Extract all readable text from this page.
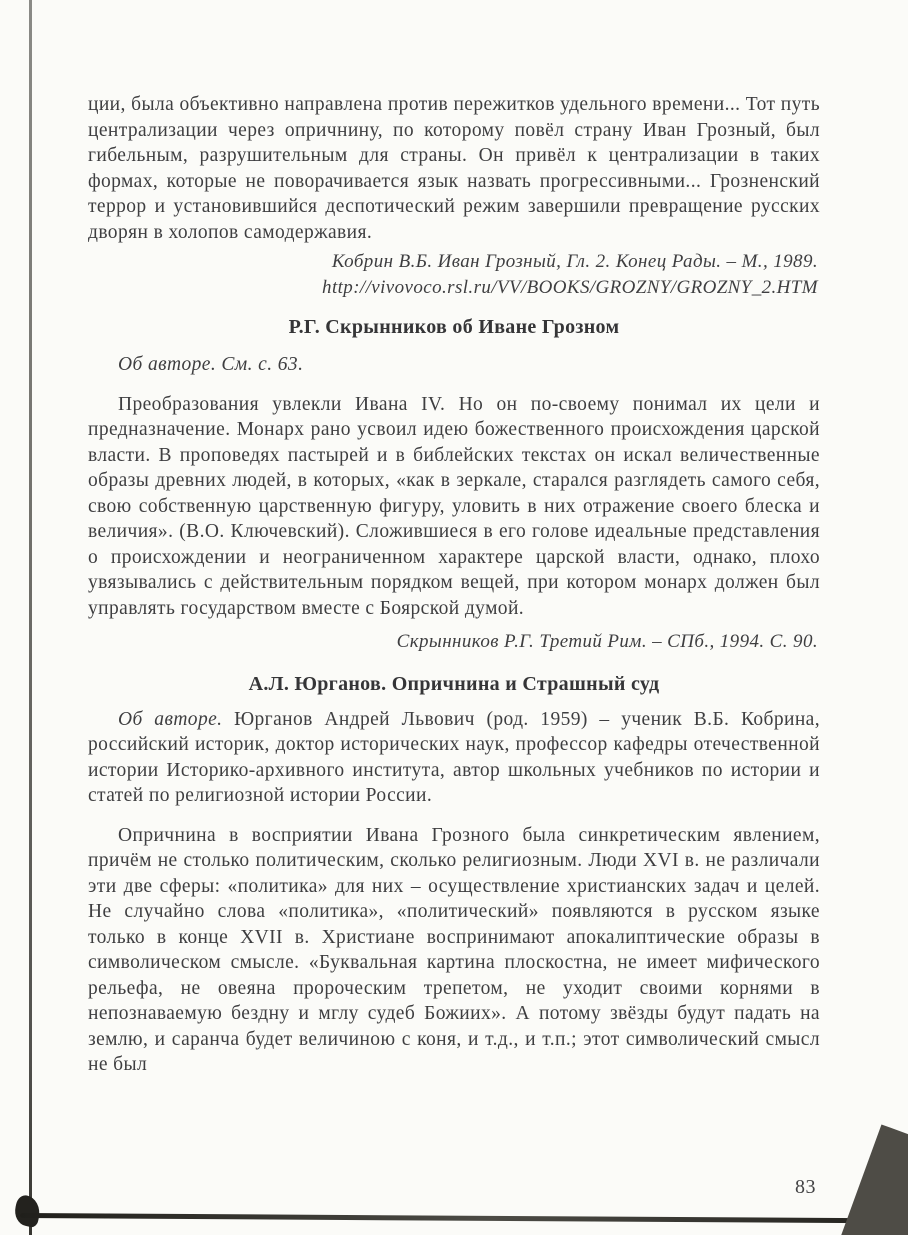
ции, была объективно направлена против пережитков удельного времени... Тот путь централизации через опричнину, по которому повёл страну Иван Грозный, был гибельным, разрушительным для страны. Он привёл к централизации в таких формах, которые не поворачивается язык назвать прогрессивными... Грозненский террор и установившийся деспотический режим завершили превращение русских дворян в холопов самодержавия.

Кобрин В.Б. Иван Грозный, Гл. 2. Конец Рады. – М., 1989.
http://vivovoco.rsl.ru/VV/BOOKS/GROZNY/GROZNY_2.HTM
Р.Г. Скрынников об Иване Грозном

Об авторе. См. с. 63.

Преобразования увлекли Ивана IV. Но он по-своему понимал их цели и предназначение. Монарх рано усвоил идею божественного происхождения царской власти. В проповедях пастырей и в библейских текстах он искал величественные образы древних людей, в которых, «как в зеркале, старался разглядеть самого себя, свою собственную царственную фигуру, уловить в них отражение своего блеска и величия». (В.О. Ключевский). Сложившиеся в его голове идеальные представления о происхождении и неограниченном характере царской власти, однако, плохо увязывались с действительным порядком вещей, при котором монарх должен был управлять государством вместе с Боярской думой.

Скрынников Р.Г. Третий Рим. – СПб., 1994. С. 90.
А.Л. Юрганов. Опричнина и Страшный суд

Об авторе. Юрганов Андрей Львович (род. 1959) – ученик В.Б. Кобрина, российский историк, доктор исторических наук, профессор кафедры отечественной истории Историко-архивного института, автор школьных учебников по истории и статей по религиозной истории России.

Опричнина в восприятии Ивана Грозного была синкретическим явлением, причём не столько политическим, сколько религиозным. Люди XVI в. не различали эти две сферы: «политика» для них – осуществление христианских задач и целей. Не случайно слова «политика», «политический» появляются в русском языке только в конце XVII в. Христиане воспринимают апокалиптические образы в символическом смысле. «Буквальная картина плоскостна, не имеет мифического рельефа, не овеяна пророческим трепетом, не уходит своими корнями в непознаваемую бездну и мглу судеб Божиих». А потому звёзды будут падать на землю, и саранча будет величиною с коня, и т.д., и т.п.; этот символический смысл не был

83
